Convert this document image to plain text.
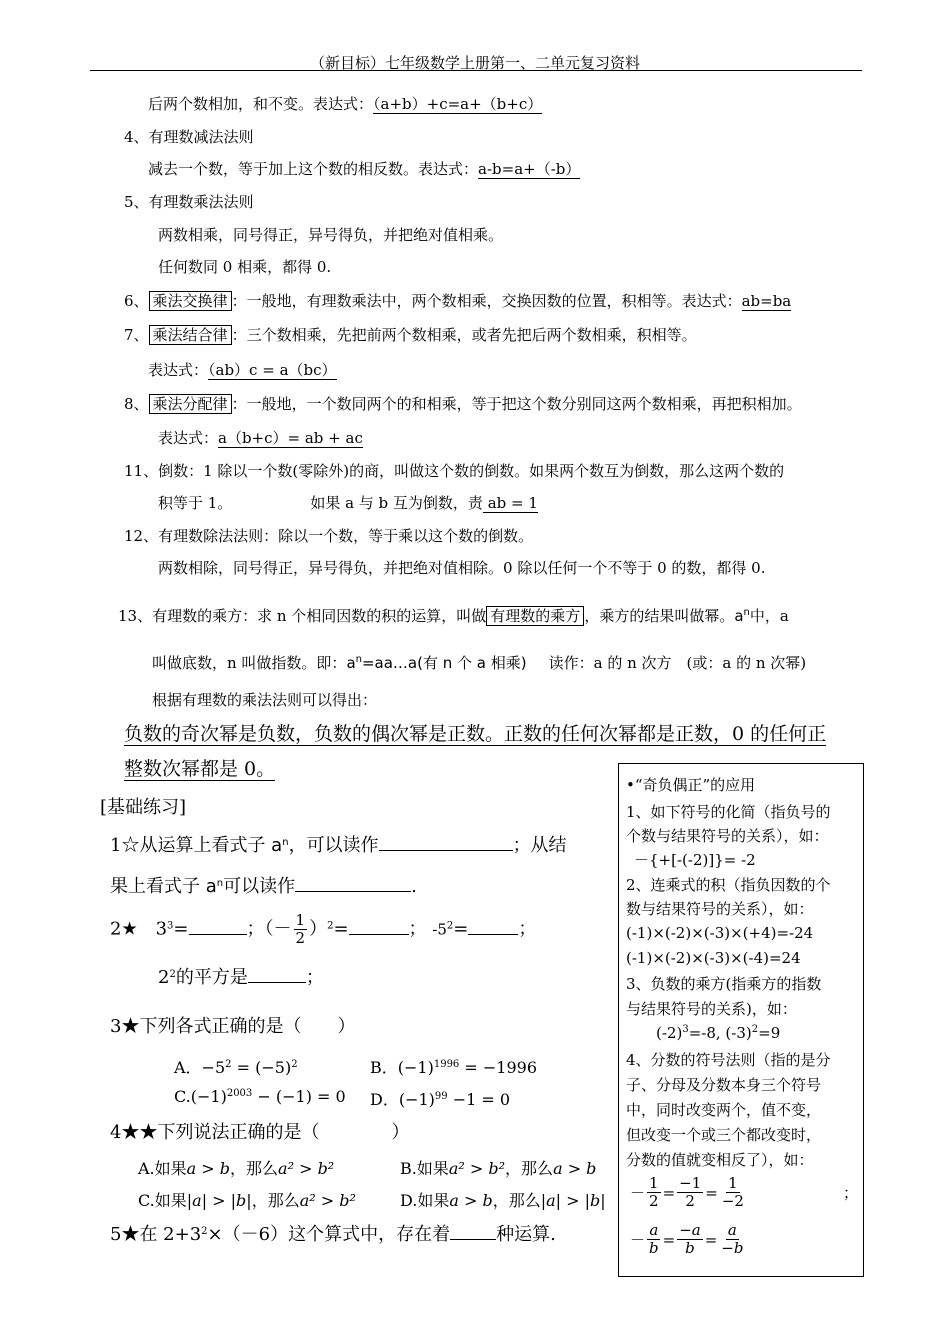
（新目标）七年级数学上册第一、二单元复习资料
后两个数相加，和不变。表达式：（a+b）+c=a+（b+c）
4、有理数减法法则
减去一个数，等于加上这个数的相反数。表达式：a-b=a+（-b）
5、有理数乘法法则
两数相乘，同号得正，异号得负，并把绝对值相乘。
任何数同 0 相乘，都得 0.
6、 乘法交换律 ：一般地，有理数乘法中，两个数相乘，交换因数的位置，积相等。表达式：ab=ba
7、 乘法结合律 ：三个数相乘，先把前两个数相乘，或者先把后两个数相乘，积相等。
表达式：（ab）c = a（bc）
8、 乘法分配律 ：一般地，一个数同两个的和相乘，等于把这个数分别同这两个数相乘，再把积相加。
表达式：a（b+c）= ab + ac
11、倒数：1 除以一个数(零除外)的商，叫做这个数的倒数。如果两个数互为倒数，那么这两个数的
积等于 1。	如果 a 与 b 互为倒数，责 ab = 1
12、有理数除法法则：除以一个数，等于乘以这个数的倒数。
两数相除，同号得正，异号得负，并把绝对值相除。0 除以任何一个不等于 0 的数，都得 0.
13、有理数的乘方：求 n 个相同因数的积的运算，叫做 有理数的乘方 ，乘方的结果叫做幂。$a^n$中，a
叫做底数，n 叫做指数。即：$a^n=aa\dots a$(有 n 个 a 相乘) 读作：a 的 n 次方　(或：a 的 n 次幂)
根据有理数的乘法法则可以得出：
负数的奇次幂是负数，负数的偶次幂是正数。正数的任何次幂都是正数，0 的任何正
整数次幂都是 0。
[基础练习]
1☆从运算上看式子 $a^n$，可以读作	；从结
果上看式子 $a^n$可以读作	.
2★　 $3^3=$	；（－ $\frac{1}{2} )^2=$	； $-5^2=$	；
$2^2$的平方是	；
3★下列各式正确的是（　　）
A．$-5^2 = (-5)^2$	B．$(-1)^{1996} = -1996$
$C.(-1)^{2003} - (-1) = 0$ D．$(-1)^{99} -1 = 0$
4★★下列说法正确的是（　　　　）
A.如果a > b，那么a² > b²	B.如果a² > b²，那么a > b
C.如果|a| > |b|，那么a² > b²	D.如果a > b，那么|a| > |b|
5★在 $2+3^2\times(-6)$这个算式中，存在着	种运算.
•“奇负偶正”的应用
1、如下符号的化简（指负号的
个数与结果符号的关系），如：
－{+[-(-2)]}= -2
2、连乘式的积（指负因数的个
数与结果符号的关系），如：
(-1)×(-2)×(-3)×(+4)=-24
(-1)×(-2)×(-3)×(-4)=24
3、负数的乘方(指乘方的指数
与结果符号的关系)，如：
$(-2)^3=-8$, $(-3)^2=9$
4、分数的符号法则（指的是分
子、分母及分数本身三个符号
中，同时改变两个，值不变，
但改变一个或三个都改变时，
分数的值就变相反了），如：
－ $\frac{1}{2} = \frac{-1}{2} = \frac{1}{-2}$	；
－ $\frac{a}{b} = \frac{-a}{b} = \frac{a}{-b}$
